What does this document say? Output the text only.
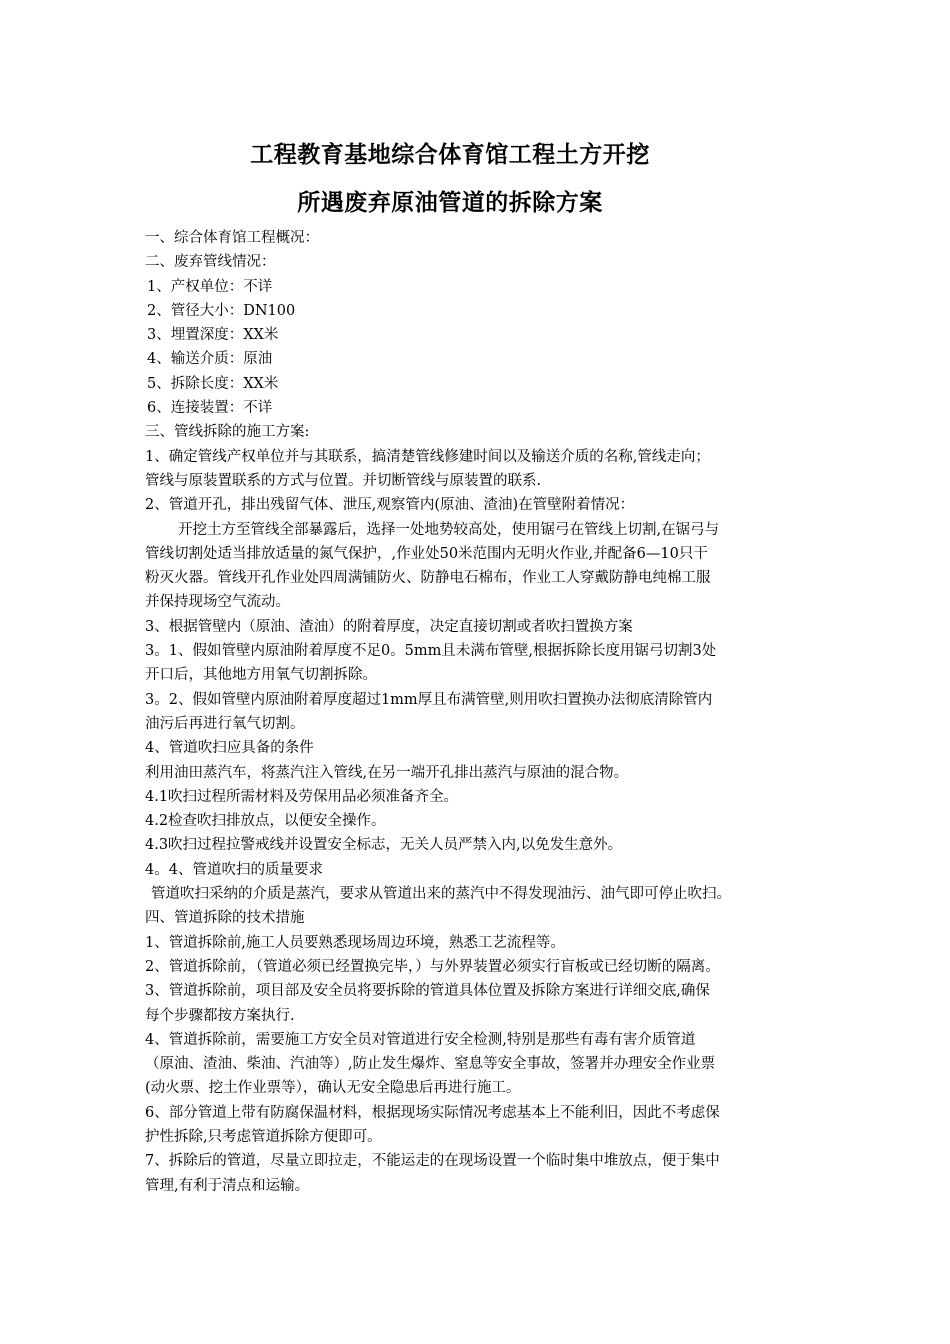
工程教育基地综合体育馆工程土方开挖
所遇废弃原油管道的拆除方案
一、综合体育馆工程概况：
二、废弃管线情况：
1、产权单位：不详
2、管径大小：DN100
3、埋置深度：XX米
4、输送介质：原油
5、拆除长度：XX米
6、连接装置：不详
三、管线拆除的施工方案:
1、确定管线产权单位并与其联系，搞清楚管线修建时间以及输送介质的名称,管线走向；
管线与原装置联系的方式与位置。并切断管线与原装置的联系.
2、管道开孔，排出残留气体、泄压,观察管内(原油、渣油)在管壁附着情况：
开挖土方至管线全部暴露后，选择一处地势较高处，使用锯弓在管线上切割,在锯弓与
管线切割处适当排放适量的氮气保护，,作业处50米范围内无明火作业,并配备6—10只干
粉灭火器。管线开孔作业处四周满铺防火、防静电石棉布，作业工人穿戴防静电纯棉工服
并保持现场空气流动。
3、根据管壁内（原油、渣油）的附着厚度，决定直接切割或者吹扫置换方案
3。1、假如管壁内原油附着厚度不足0。5mm且未满布管壁,根据拆除长度用锯弓切割3处
开口后，其他地方用氧气切割拆除。
3。2、假如管壁内原油附着厚度超过1mm厚且布满管壁,则用吹扫置换办法彻底清除管内
油污后再进行氧气切割。
4、管道吹扫应具备的条件
利用油田蒸汽车，将蒸汽注入管线,在另一端开孔排出蒸汽与原油的混合物。
4.1吹扫过程所需材料及劳保用品必须准备齐全。
4.2检查吹扫排放点，以便安全操作。
4.3吹扫过程拉警戒线并设置安全标志，无关人员严禁入内,以免发生意外。
4。4、管道吹扫的质量要求
管道吹扫采纳的介质是蒸汽，要求从管道出来的蒸汽中不得发现油污、油气即可停止吹扫。
四、管道拆除的技术措施
1、管道拆除前,施工人员要熟悉现场周边环境，熟悉工艺流程等。
2、管道拆除前，（管道必须已经置换完毕，）与外界装置必须实行盲板或已经切断的隔离。
3、管道拆除前，项目部及安全员将要拆除的管道具体位置及拆除方案进行详细交底,确保
每个步骤都按方案执行.
4、管道拆除前，需要施工方安全员对管道进行安全检测,特别是那些有毒有害介质管道
（原油、渣油、柴油、汽油等）,防止发生爆炸、窒息等安全事故，签署并办理安全作业票
(动火票、挖土作业票等），确认无安全隐患后再进行施工。
6、部分管道上带有防腐保温材料，根据现场实际情况考虑基本上不能利旧，因此不考虑保
护性拆除,只考虑管道拆除方便即可。
7、拆除后的管道，尽量立即拉走，不能运走的在现场设置一个临时集中堆放点，便于集中
管理,有利于清点和运输。
